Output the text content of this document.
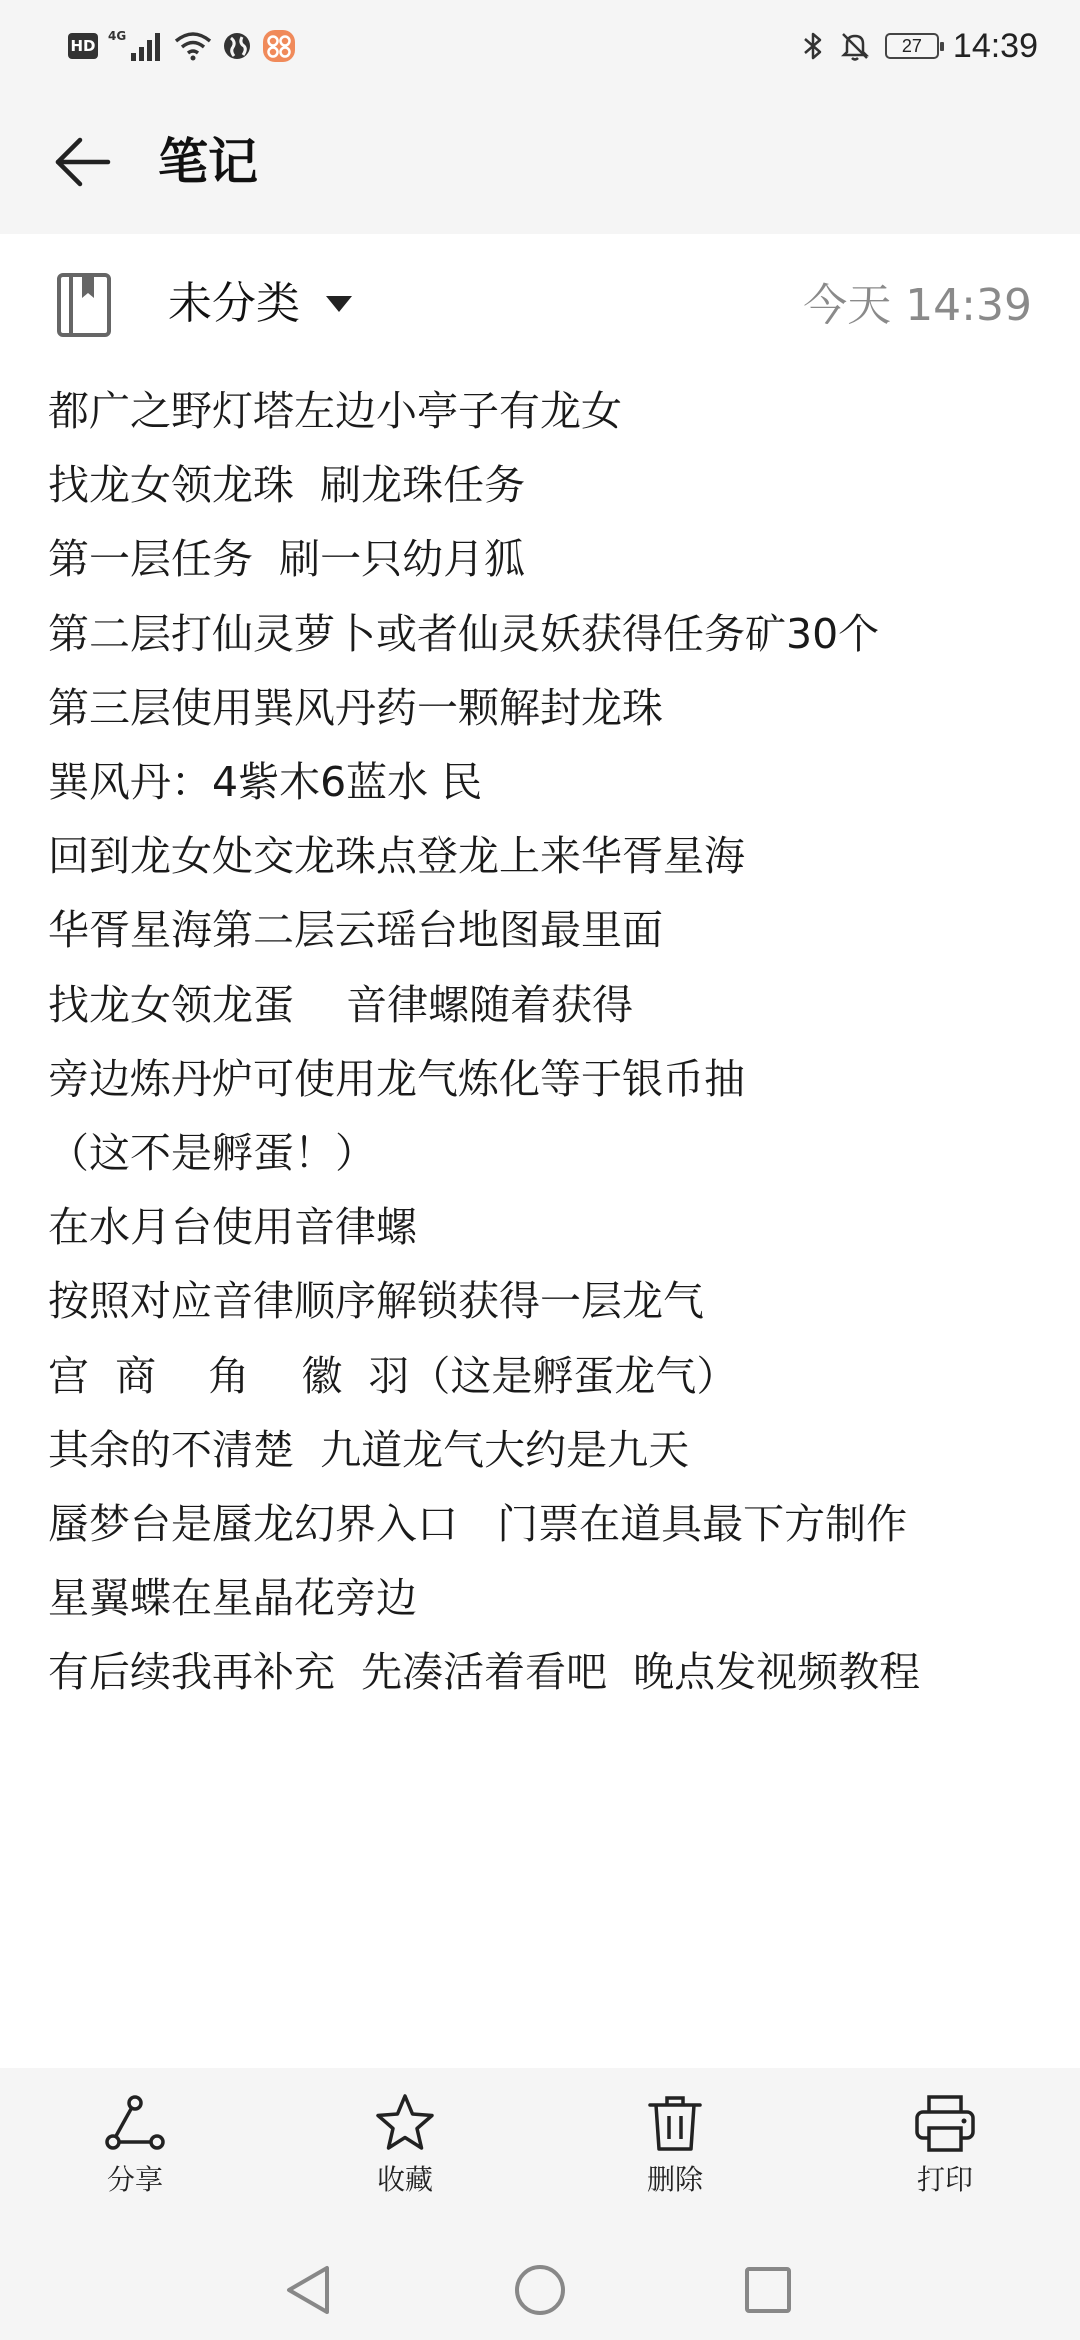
HD
4G	27 14:39
笔记
未分类	今天 14:39
都广之野灯塔左边小亭子有龙女
找龙女领龙珠  刷龙珠任务
第一层任务  刷一只幼月狐
第二层打仙灵萝卜或者仙灵妖获得任务矿30个
第三层使用巽风丹药一颗解封龙珠
巽风丹：4紫木6蓝水 民
回到龙女处交龙珠点登龙上来华胥星海
华胥星海第二层云瑶台地图最里面
找龙女领龙蛋    音律螺随着获得
旁边炼丹炉可使用龙气炼化等于银币抽
（这不是孵蛋！）
在水月台使用音律螺
按照对应音律顺序解锁获得一层龙气
宫  商    角    徽  羽（这是孵蛋龙气）
其余的不清楚  九道龙气大约是九天
蜃梦台是蜃龙幻界入口   门票在道具最下方制作
星翼蝶在星晶花旁边
有后续我再补充  先凑活着看吧  晚点发视频教程
分享	收藏	删除	打印
